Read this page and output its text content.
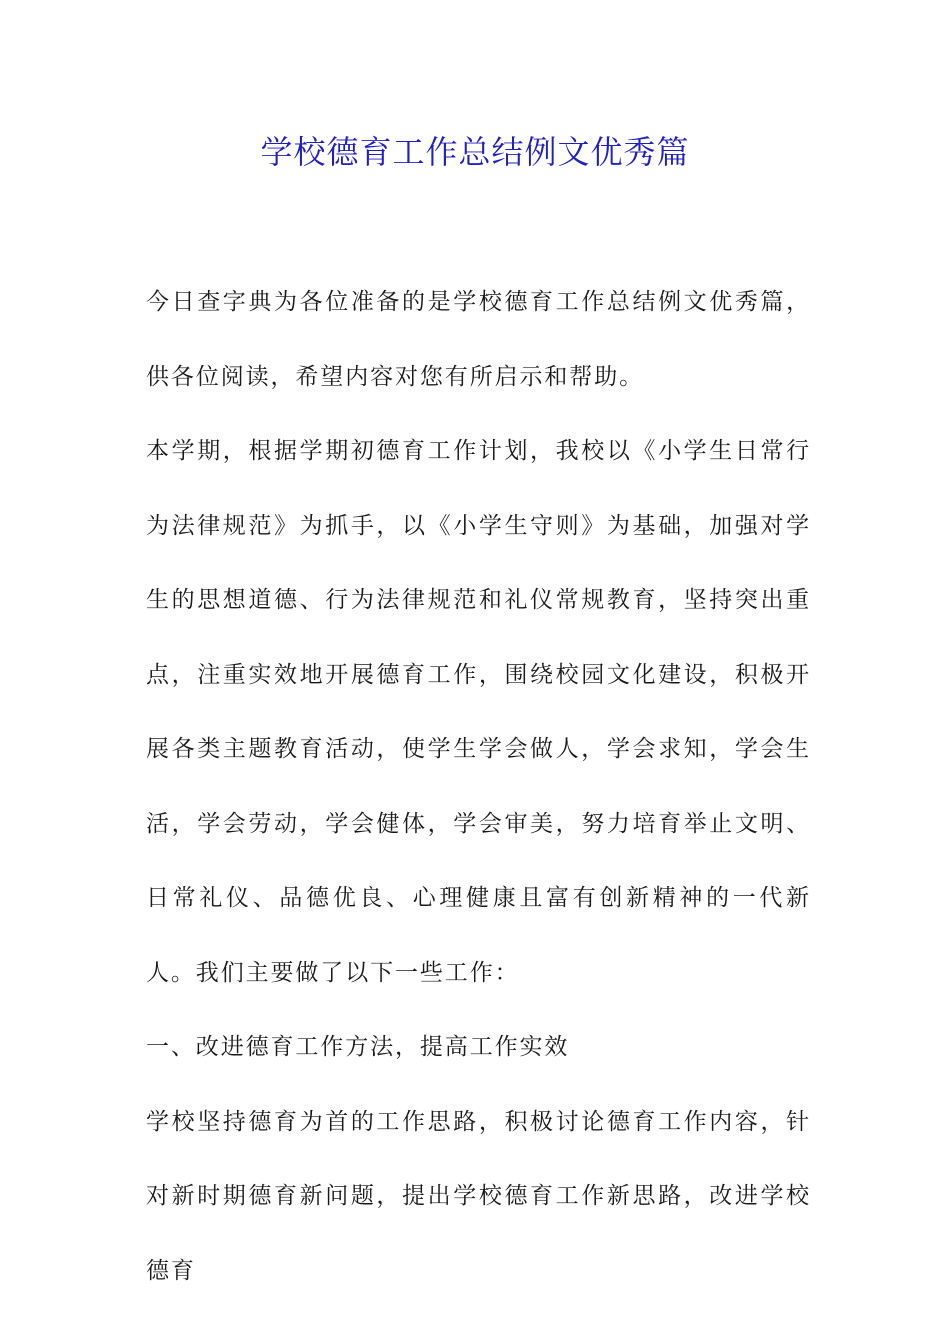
学校德育工作总结例文优秀篇

今日查字典为各位准备的是学校德育工作总结例文优秀篇，供各位阅读，希望内容对您有所启示和帮助。

本学期，根据学期初德育工作计划，我校以《小学生日常行为法律规范》为抓手，以《小学生守则》为基础，加强对学生的思想道德、行为法律规范和礼仪常规教育，坚持突出重点，注重实效地开展德育工作，围绕校园文化建设，积极开展各类主题教育活动，使学生学会做人，学会求知，学会生活，学会劳动，学会健体，学会审美，努力培育举止文明、日常礼仪、品德优良、心理健康且富有创新精神的一代新人。我们主要做了以下一些工作：

一、改进德育工作方法，提高工作实效

学校坚持德育为首的工作思路，积极讨论德育工作内容，针对新时期德育新问题，提出学校德育工作新思路，改进学校德育
